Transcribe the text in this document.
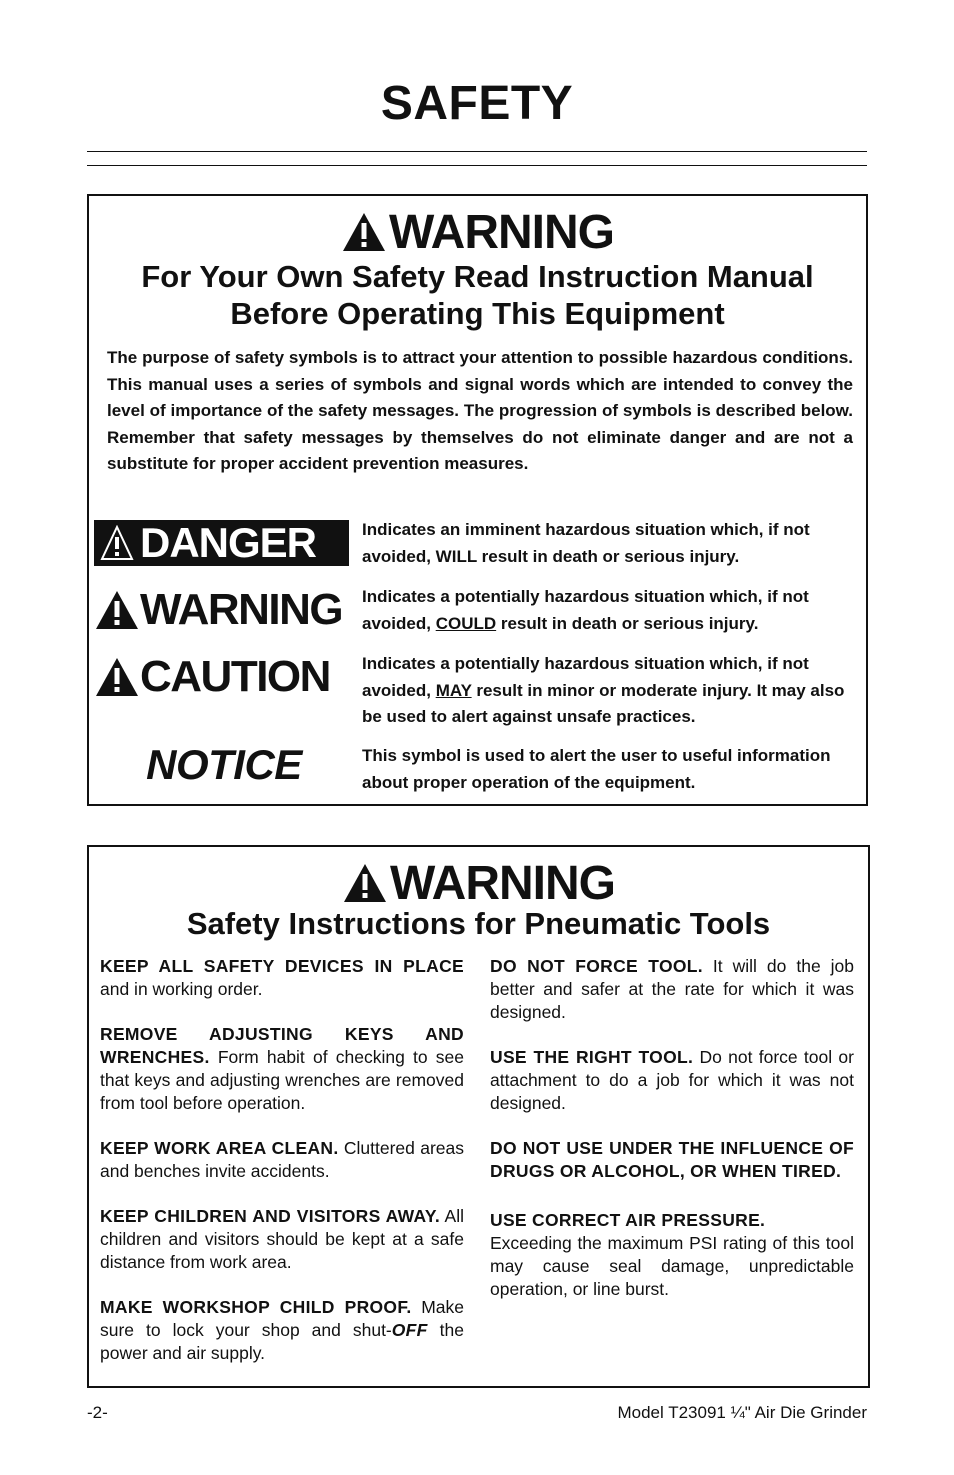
SAFETY
WARNING
For Your Own Safety Read Instruction Manual
Before Operating This Equipment
The purpose of safety symbols is to attract your attention to possible hazardous conditions. This manual uses a series of symbols and signal words which are intended to convey the level of importance of the safety messages. The progression of symbols is described below. Remember that safety messages by themselves do not eliminate danger and are not a substitute for proper accident prevention measures.
DANGER	Indicates an imminent hazardous situation which, if not avoided, WILL result in death or serious injury.
WARNING Indicates a potentially hazardous situation which, if not avoided, COULD result in death or serious injury.
CAUTION Indicates a potentially hazardous situation which, if not avoided, MAY result in minor or moderate injury. It may also be used to alert against unsafe practices.
NOTICE	This symbol is used to alert the user to useful information about proper operation of the equipment.
WARNING
Safety Instructions for Pneumatic Tools

KEEP ALL SAFETY DEVICES IN PLACE and in working order.

REMOVE ADJUSTING KEYS AND WRENCHES. Form habit of checking to see that keys and adjusting wrenches are removed from tool before operation.

KEEP WORK AREA CLEAN. Cluttered areas and benches invite accidents.

KEEP CHILDREN AND VISITORS AWAY. All children and visitors should be kept at a safe distance from work area.

MAKE WORKSHOP CHILD PROOF. Make sure to lock your shop and shut-OFF the power and air supply.

DO NOT FORCE TOOL. It will do the job better and safer at the rate for which it was designed.

USE THE RIGHT TOOL. Do not force tool or attachment to do a job for which it was not designed.

DO NOT USE UNDER THE INFLUENCE OF DRUGS OR ALCOHOL, OR WHEN TIRED.

USE CORRECT AIR PRESSURE.
Exceeding the maximum PSI rating of this tool may cause seal damage, unpredictable operation, or line burst.

-2-	Model T23091 ¼" Air Die Grinder
